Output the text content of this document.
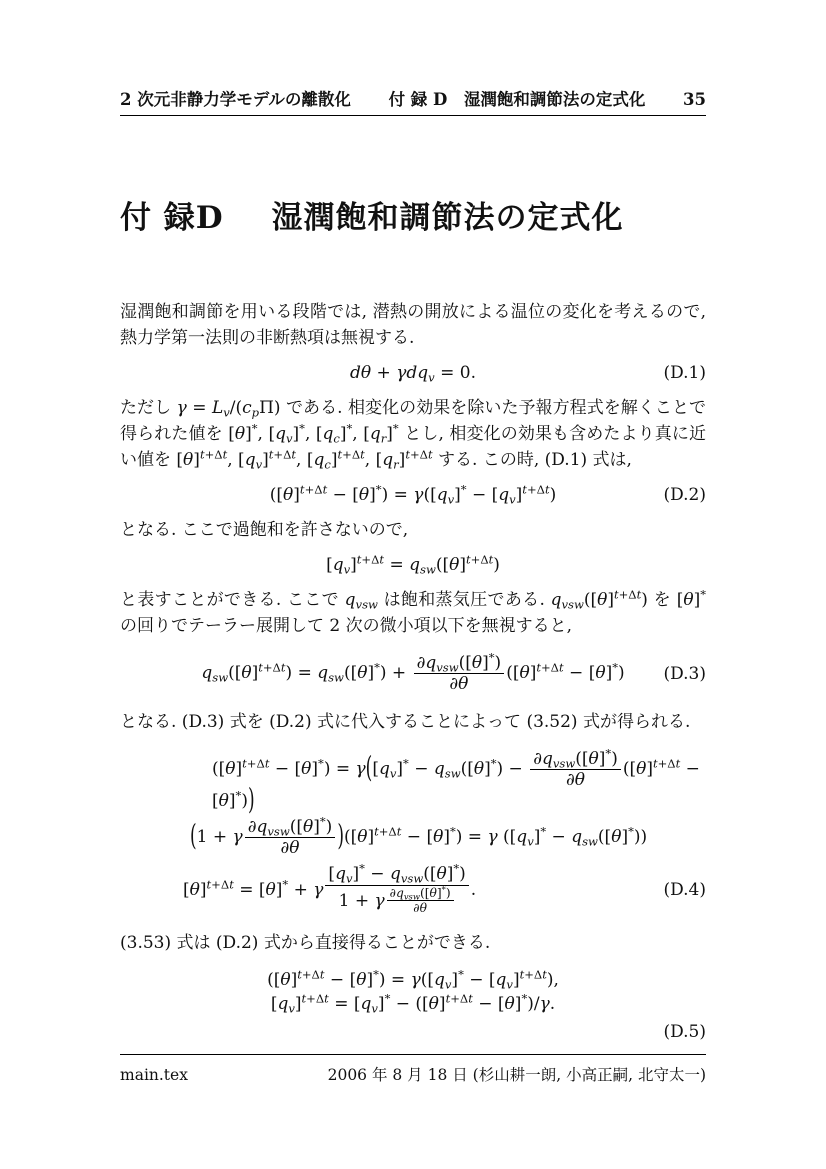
2 次元非静力学モデルの離散化 付 録 D　湿潤飽和調節法の定式化 35
付 録D 湿潤飽和調節法の定式化

湿潤飽和調節を用いる段階では, 潜熱の開放による温位の変化を考えるので, 熱力学第一法則の非断熱項は無視する.

dθ + γdq$_v$ = 0.	(D.1)

ただし $\gamma = L_v/(c_p\Pi)$ である. 相変化の効果を除いた予報方程式を解くことで得られた値を [θ]*, $[q_v]^*$, $[q_c]^*$, $[q_r]^*$ とし, 相変化の効果も含めたより真に近い値を $[\theta]^{t+\Delta t}$, $[q_v]^{t+\Delta t}$, $[q_c]^{t+\Delta t}$, $[q_r]^{t+\Delta t}$ する. この時, (D.1) 式は,

$([\theta]^{t+\Delta t} - [\theta]^*) = \gamma([q_v]^* - [q_v]^{t+\Delta t})$	(D.2)

となる. ここで過飽和を許さないので,

$[q_v]^{t+\Delta t} = q_{sw}([\theta]^{t+\Delta t})$

と表すことができる. ここで $q_{vsw}$ は飽和蒸気圧である. $q_{vsw}([\theta]^{t+\Delta t})$ を [θ]* の回りでテーラー展開して 2 次の微小項以下を無視すると,

$q_{sw}([\theta]^{t+\Delta t}) = q_{sw}([\theta]^*) + \frac{\partial q_{vsw}([\theta]^*)}{\partial\theta} ([\theta]^{t+\Delta t} - [\theta]^*)$ (D.3)

となる. (D.3) 式を (D.2) 式に代入することによって (3.52) 式が得られる.

$([\theta]^{t+\Delta t} - [\theta]^*) = \gamma([q_v]^* - q_{sw}([\theta]^*) - \frac{\partial q_{vsw}([\theta]^*)}{\partial\theta} ([\theta]^{t+\Delta t} - [\theta]^*))$
(1 + γ $\frac{\partial q_{vsw}([\theta]^*)}{\partial\theta} )([\theta]^{t+\Delta t} - [\theta]^*) = \gamma$ $([q_v]^* - q_{sw}([\theta]^*))$
$[\theta]^{t+\Delta t} = [\theta]^* + \gamma \frac{[q_v]^* - q_{vsw}([\theta]^*)}{1 + \gamma \frac{\partial q_{vsw}([\theta]^*)}{\partial\theta}}$ .	(D.4)

(3.53) 式は (D.2) 式から直接得ることができる.

$([\theta]^{t+\Delta t} - [\theta]^*) = \gamma([q_v]^* - [q_v]^{t+\Delta t})$,
$[q_v]^{t+\Delta t} = [q_v]^* - ([\theta]^{t+\Delta t} - [\theta]^*)/\gamma$.
(D.5)
main.tex	2006 年 8 月 18 日 (杉山耕一朗, 小高正嗣, 北守太一)
